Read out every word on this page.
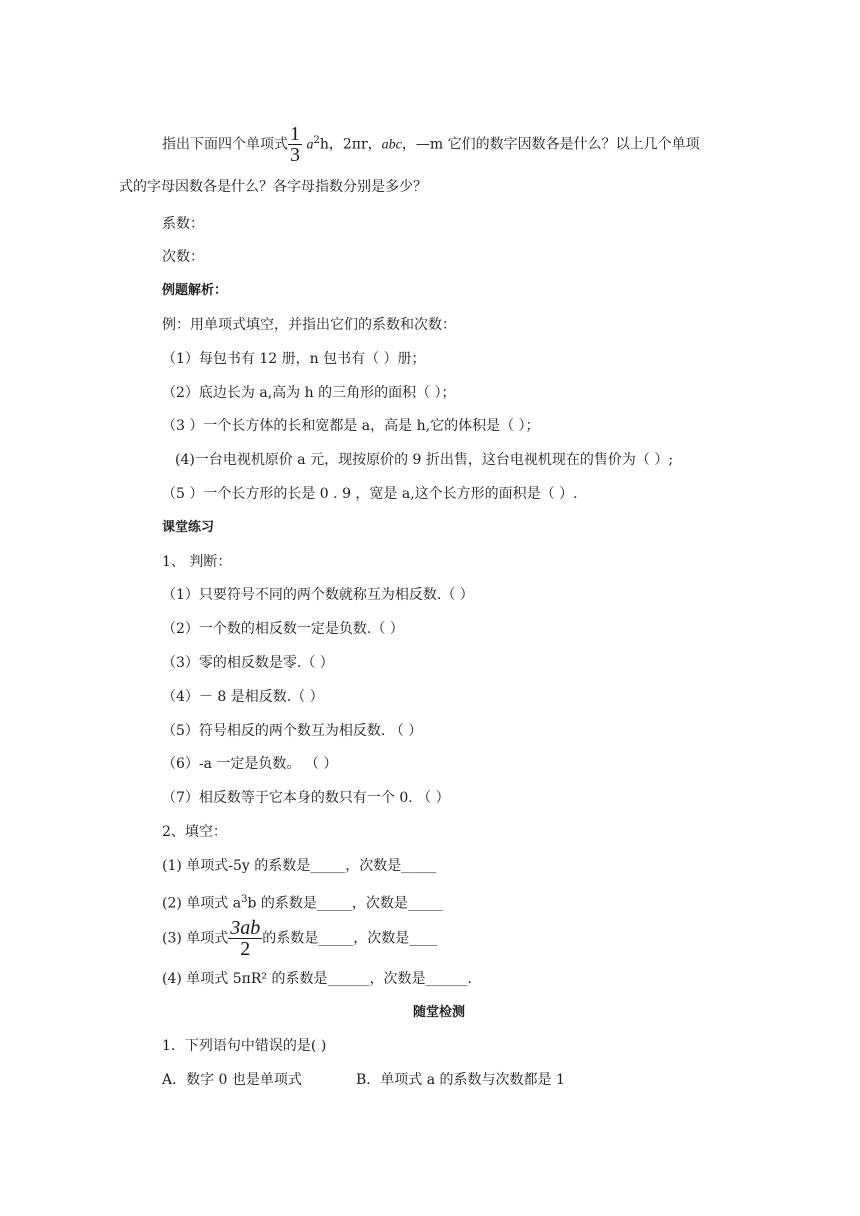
指出下面四个单项式 $\frac{1}{3} a^2h$，2πr，abc，—m 它们的数字因数各是什么？以上几个单项
式的字母因数各是什么？各字母指数分别是多少？
系数：
次数：
例题解析：
例：用单项式填空，并指出它们的系数和次数：
（1）每包书有 12 册，n 包书有（ ）册；
（2）底边长为 a,高为 h 的三角形的面积（ ）；
（3 ）一个长方体的长和宽都是 a，高是 h,它的体积是（ ）；
(4)一台电视机原价 a 元，现按原价的 9 折出售，这台电视机现在的售价为（ ）;
（5 ）一个长方形的长是 0 . 9 ，宽是 a,这个长方形的面积是（ ）.
课堂练习
1、 判断：
（1）只要符号不同的两个数就称互为相反数.（ ）
（2）一个数的相反数一定是负数.（ ）
（3）零的相反数是零.（ ）
（4）－ 8 是相反数.（ ）
（5）符号相反的两个数互为相反数. （ ）
（6）-a 一定是负数。 （ ）
（7）相反数等于它本身的数只有一个 0. （ ）
2、填空：
(1) 单项式-5y 的系数是_____，次数是_____
(2) 单项式 $a^3b$ 的系数是_____，次数是_____
(3) 单项式 $\frac{3ab}{2}$ 的系数是_____，次数是____
(4) 单项式 5πR² 的系数是______，次数是______.
随堂检测
1．下列语句中错误的是( )
A．数字 0 也是单项式	B．单项式 a 的系数与次数都是 1
